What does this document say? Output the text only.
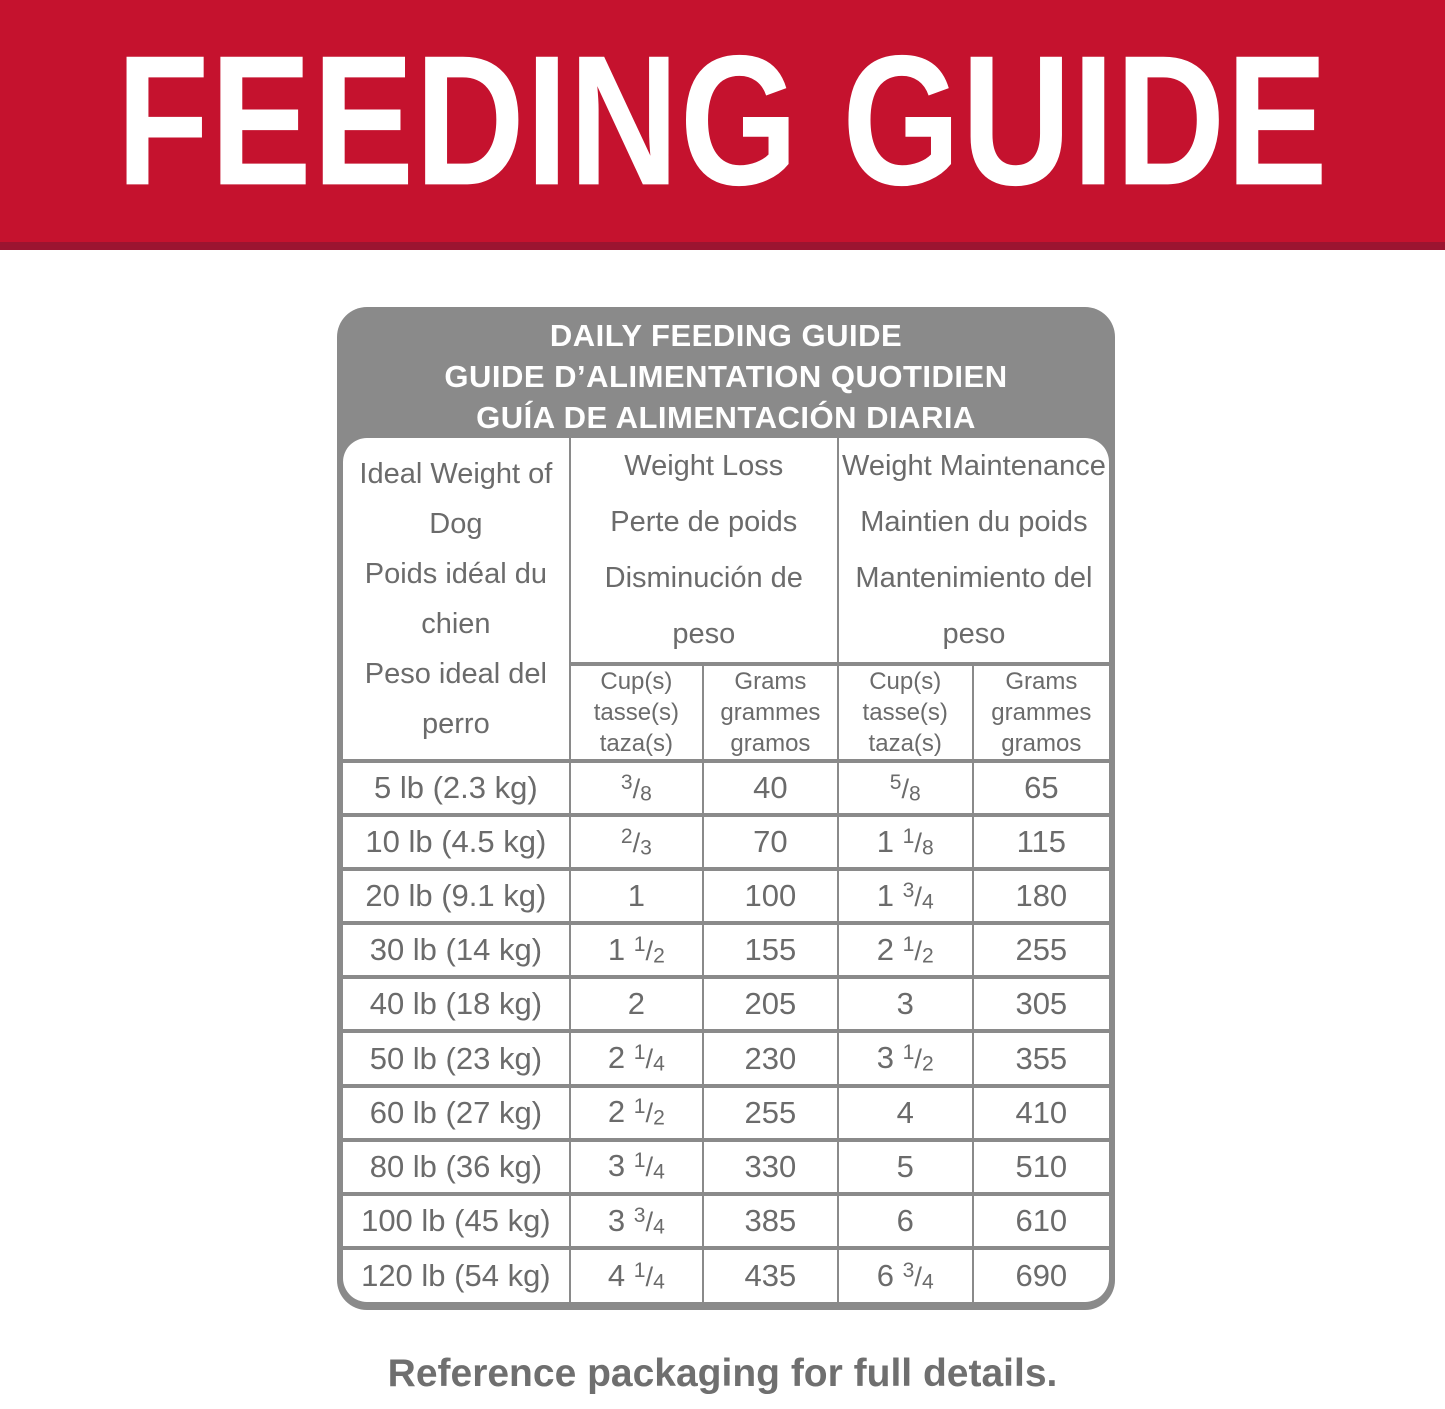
FEEDING GUIDE
DAILY FEEDING GUIDE
GUIDE D’ALIMENTATION QUOTIDIEN
GUÍA DE ALIMENTACIÓN DIARIA
Ideal Weight of Dog
Poids idéal du chien
Peso ideal del perro

Weight Loss
Perte de poids
Disminución de peso

Weight Maintenance
Maintien du poids
Mantenimiento del peso

Cup(s)
tasse(s)
taza(s)

Grams
grammes
gramos

Cup(s)
tasse(s)
taza(s)

Grams
grammes
gramos

5 lb (2.3 kg)	$^3$/8	40	$^5$/8	65
10 lb (4.5 kg)	$^2$/3	70	1 $^1$/8	115
20 lb (9.1 kg)	1	100	1 $^3$/4	180
30 lb (14 kg)	1 $^1$/2	155	2 $^1$/2	255
40 lb (18 kg)	2	205	3	305
50 lb (23 kg)	2 $^1$/4	230	3 $^1$/2	355
60 lb (27 kg)	2 $^1$/2	255	4	410
80 lb (36 kg)	3 $^1$/4	330	5	510
100 lb (45 kg)	3 $^3$/4	385	6	610
120 lb (54 kg)	4 $^1$/4	435	6 $^3$/4	690

Reference packaging for full details.
